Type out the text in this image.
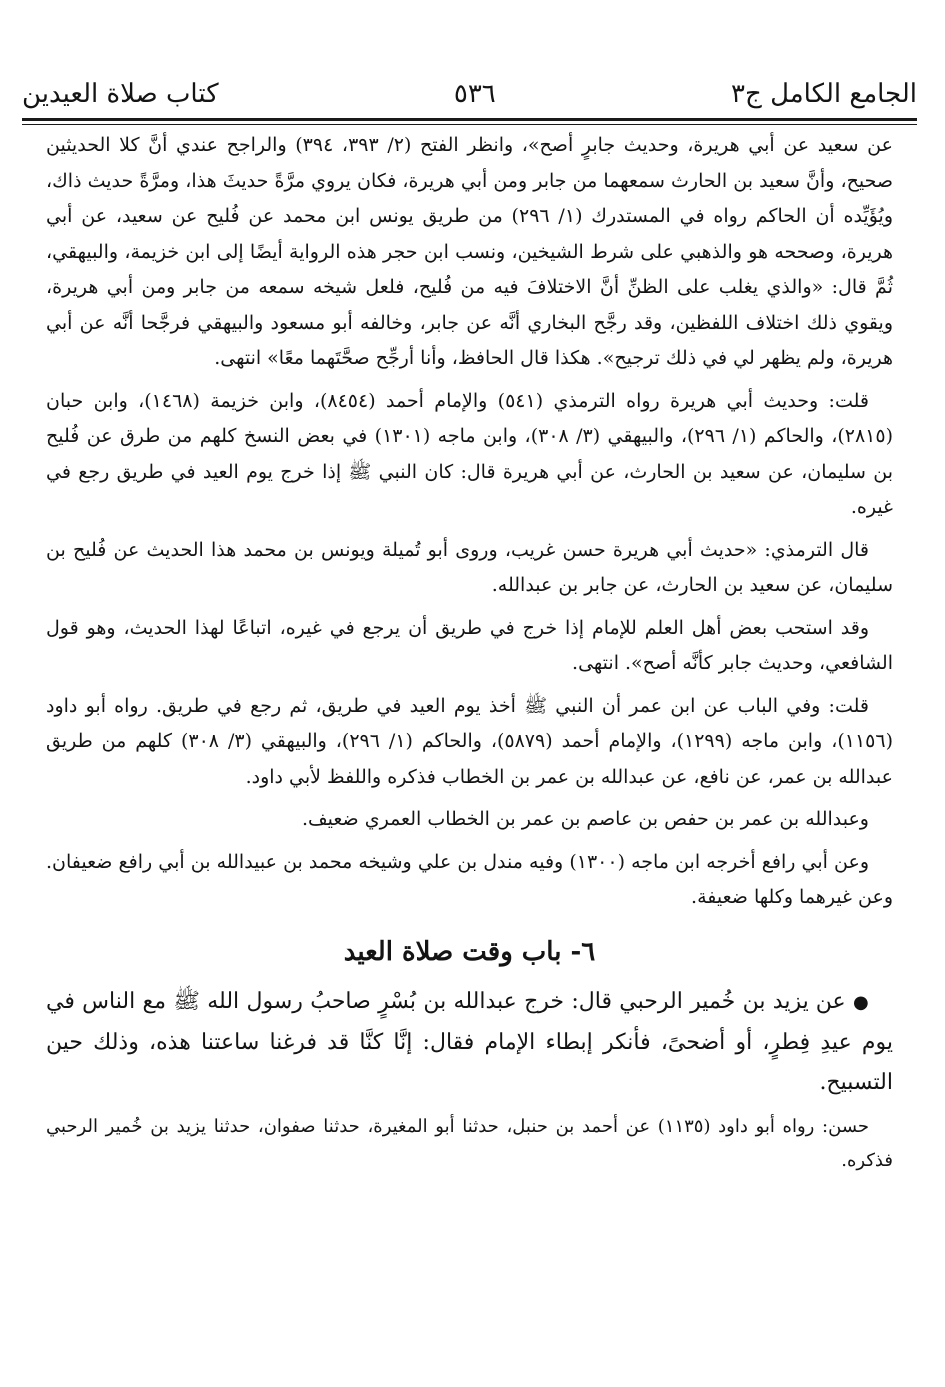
كتاب صلاة العيدين	٥٣٦	الجامع الكامل ج٣

عن سعيد عن أبي هريرة، وحديث جابرٍ أصح»، وانظر الفتح (٢/ ٣٩٣، ٣٩٤) والراجح عندي أنَّ كلا الحديثين صحيح، وأنَّ سعيد بن الحارث سمعهما من جابر ومن أبي هريرة، فكان يروي مرَّةً حديثَ هذا، ومرَّةً حديث ذاك، ويُؤَيِّده أن الحاكم رواه في المستدرك (١/ ٢٩٦) من طريق يونس ابن محمد عن فُليح عن سعيد، عن أبي هريرة، وصححه هو والذهبي على شرط الشيخين، ونسب ابن حجر هذه الرواية أيضًا إلى ابن خزيمة، والبيهقي، ثُمَّ قال: «والذي يغلب على الظنِّ أنَّ الاختلافَ فيه من فُليح، فلعل شيخه سمعه من جابر ومن أبي هريرة، ويقوي ذلك اختلاف اللفظين، وقد رجَّح البخاري أنَّه عن جابر، وخالفه أبو مسعود والبيهقي فرجَّحا أنَّه عن أبي هريرة، ولم يظهر لي في ذلك ترجيح». هكذا قال الحافظ، وأنا أرجِّح صحَّتَهما معًا» انتهى.

قلت: وحديث أبي هريرة رواه الترمذي (٥٤١) والإمام أحمد (٨٤٥٤)، وابن خزيمة (١٤٦٨)، وابن حبان (٢٨١٥)، والحاكم (١/ ٢٩٦)، والبيهقي (٣/ ٣٠٨)، وابن ماجه (١٣٠١) في بعض النسخ كلهم من طرق عن فُليح بن سليمان، عن سعيد بن الحارث، عن أبي هريرة قال: كان النبي ﷺ إذا خرج يوم العيد في طريق رجع في غيره.

قال الترمذي: «حديث أبي هريرة حسن غريب، وروى أبو تُميلة ويونس بن محمد هذا الحديث عن فُليح بن سليمان، عن سعيد بن الحارث، عن جابر بن عبدالله.

وقد استحب بعض أهل العلم للإمام إذا خرج في طريق أن يرجع في غيره، اتباعًا لهذا الحديث، وهو قول الشافعي، وحديث جابر كأنَّه أصح». انتهى.

قلت: وفي الباب عن ابن عمر أن النبي ﷺ أخذ يوم العيد في طريق، ثم رجع في طريق. رواه أبو داود (١١٥٦)، وابن ماجه (١٢٩٩)، والإمام أحمد (٥٨٧٩)، والحاكم (١/ ٢٩٦)، والبيهقي (٣/ ٣٠٨) كلهم من طريق عبدالله بن عمر، عن نافع، عن عبدالله بن عمر بن الخطاب فذكره واللفظ لأبي داود.

وعبدالله بن عمر بن حفص بن عاصم بن عمر بن الخطاب العمري ضعيف.

وعن أبي رافع أخرجه ابن ماجه (١٣٠٠) وفيه مندل بن علي وشيخه محمد بن عبيدالله بن أبي رافع ضعيفان. وعن غيرهما وكلها ضعيفة.

٦- باب وقت صلاة العيد

● عن يزيد بن خُمير الرحبي قال: خرج عبدالله بن بُسْرٍ صاحبُ رسول الله ﷺ مع الناس في يوم عيدِ فِطرٍ، أو أضحىً، فأنكر إبطاء الإمام فقال: إنَّا كنَّا قد فرغنا ساعتنا هذه، وذلك حين التسبيح.

حسن: رواه أبو داود (١١٣٥) عن أحمد بن حنبل، حدثنا أبو المغيرة، حدثنا صفوان، حدثنا يزيد بن خُمير الرحبي فذكره.
